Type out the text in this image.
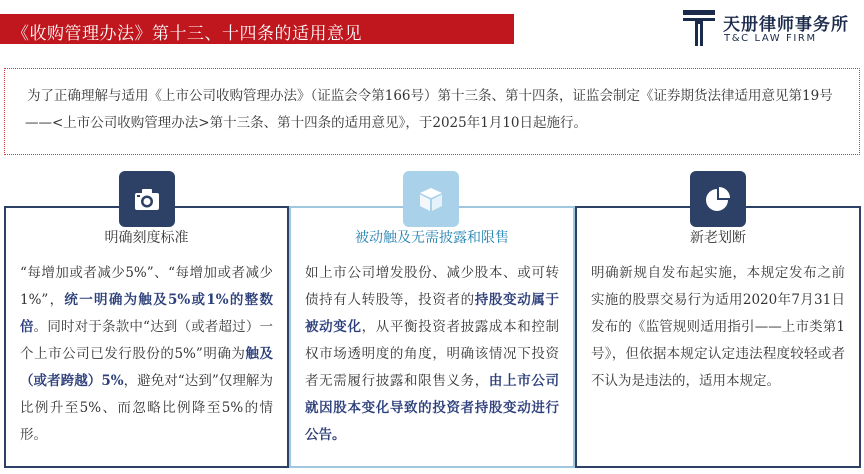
《收购管理办法》第十三、十四条的适用意见	天册律师事务所
T&C LAW FIRM
为了正确理解与适用《上市公司收购管理办法》（证监会令第166号）第十三条、第十四条，证监会制定《证券期货法律适用意见第19号——<上市公司收购管理办法>第十三条、第十四条的适用意见》，于2025年1月10日起施行。
明确刻度标准
“每增加或者减少5%”、“每增加或者减少1%”，统一明确为触及5%或1%的整数倍。同时对于条款中“达到（或者超过）一个上市公司已发行股份的5%”明确为触及（或者跨越）5%，避免对“达到”仅理解为比例升至5%、而忽略比例降至5%的情形。
被动触及无需披露和限售
如上市公司增发股份、减少股本、或可转债持有人转股等，投资者的持股变动属于被动变化，从平衡投资者披露成本和控制权市场透明度的角度，明确该情况下投资者无需履行披露和限售义务，由上市公司就因股本变化导致的投资者持股变动进行公告。
新老划断
明确新规自发布起实施，本规定发布之前实施的股票交易行为适用2020年7月31日发布的《监管规则适用指引——上市类第1号》，但依据本规定认定违法程度较轻或者不认为是违法的，适用本规定。
